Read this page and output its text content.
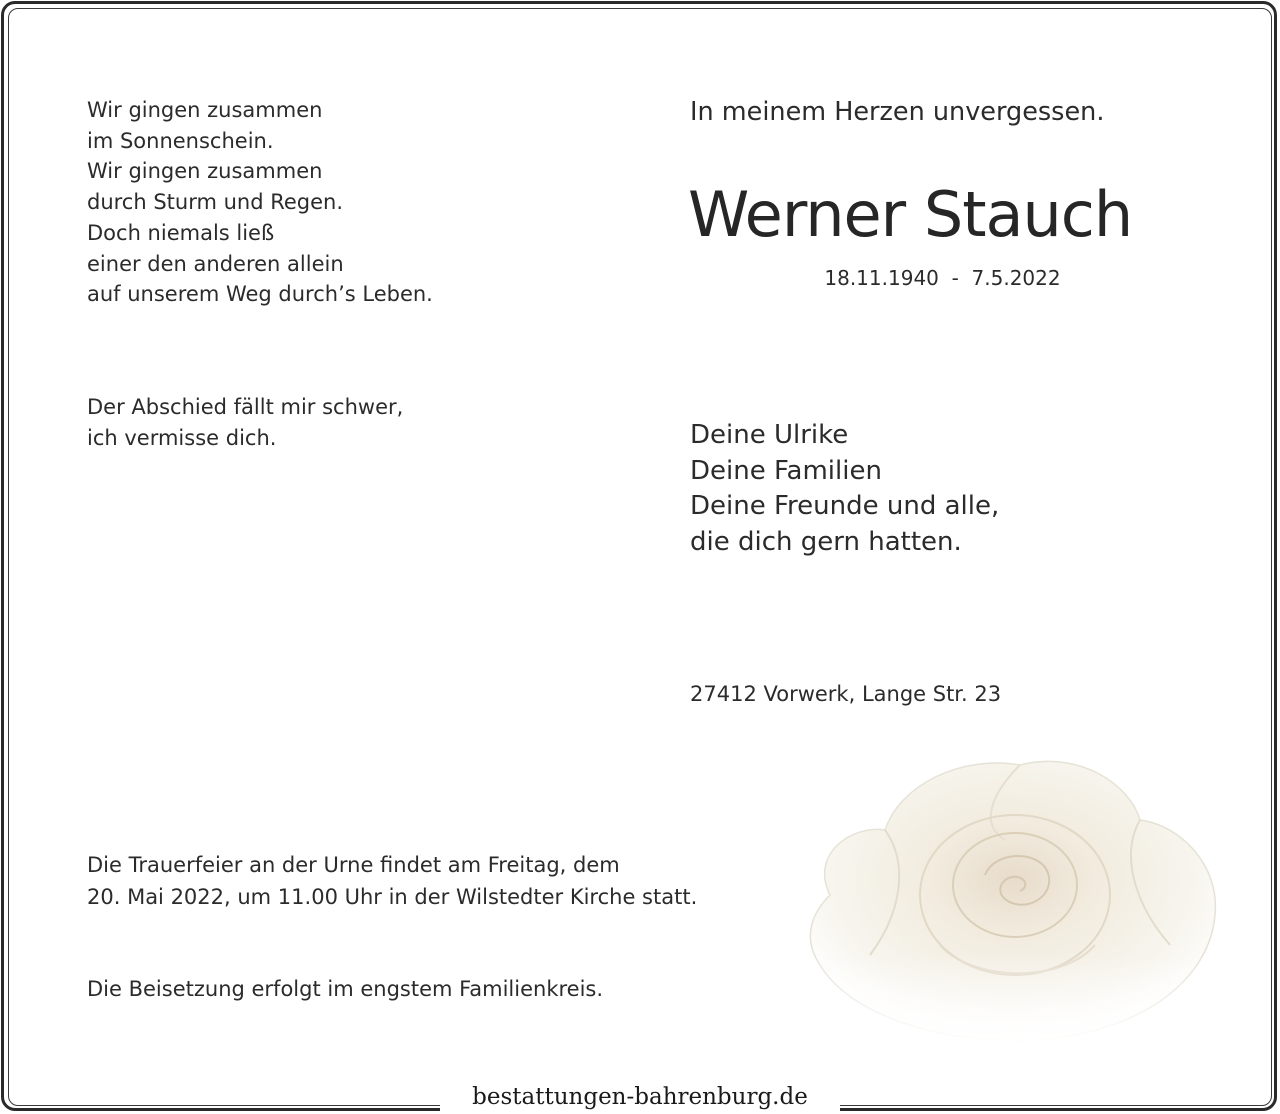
Wir gingen zusammen
im Sonnenschein.
Wir gingen zusammen
durch Sturm und Regen.
Doch niemals ließ
einer den anderen allein
auf unserem Weg durch’s Leben.
Der Abschied fällt mir schwer,
ich vermisse dich.
In meinem Herzen unvergessen.
Werner Stauch
18.11.1940  -  7.5.2022
Deine Ulrike
Deine Familien
Deine Freunde und alle,
die dich gern hatten.
27412 Vorwerk, Lange Str. 23
Die Trauerfeier an der Urne findet am Freitag, dem
20. Mai 2022, um 11.00 Uhr in der Wilstedter Kirche statt.
Die Beisetzung erfolgt im engstem Familienkreis.
bestattungen-bahrenburg.de
